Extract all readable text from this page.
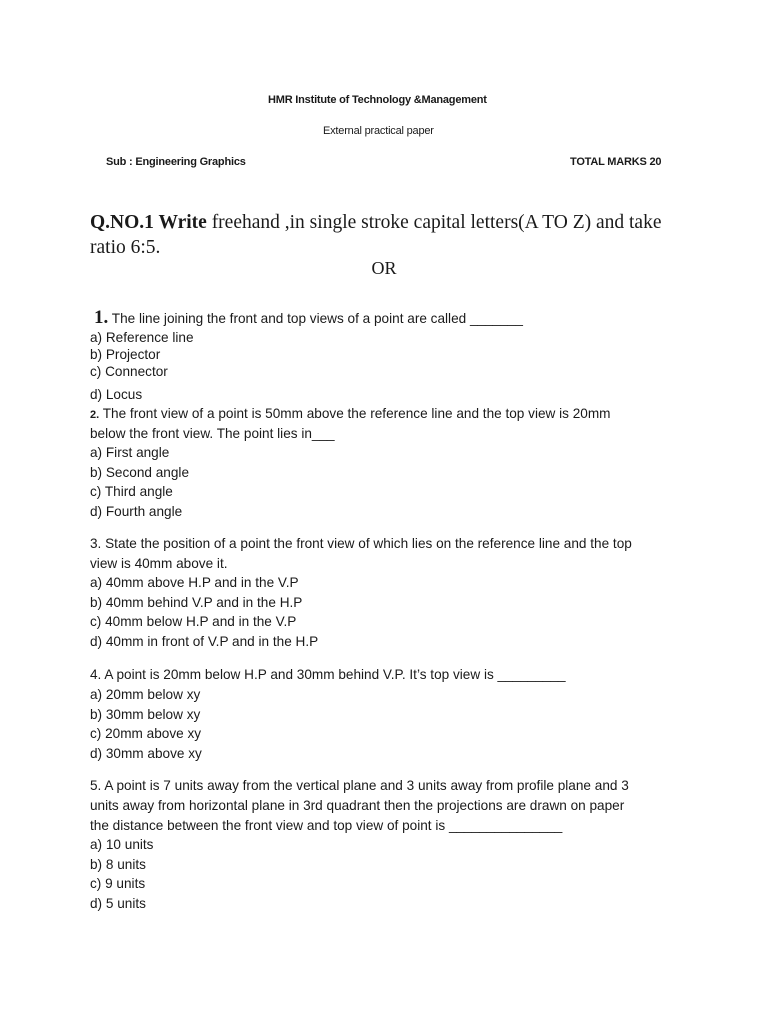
HMR Institute of Technology &Management
External practical paper
Sub : Engineering Graphics	TOTAL MARKS 20
Q.NO.1 Write freehand ,in single stroke capital letters(A TO Z) and take ratio 6:5.
OR
1. The line joining the front and top views of a point are called _______
a) Reference line
b) Projector
c) Connector
d) Locus
2. The front view of a point is 50mm above the reference line and the top view is 20mm
below the front view. The point lies in___
a) First angle
b) Second angle
c) Third angle
d) Fourth angle
3. State the position of a point the front view of which lies on the reference line and the top
view is 40mm above it.
a) 40mm above H.P and in the V.P
b) 40mm behind V.P and in the H.P
c) 40mm below H.P and in the V.P
d) 40mm in front of V.P and in the H.P
4. A point is 20mm below H.P and 30mm behind V.P. It’s top view is _________
a) 20mm below xy
b) 30mm below xy
c) 20mm above xy
d) 30mm above xy
5. A point is 7 units away from the vertical plane and 3 units away from profile plane and 3
units away from horizontal plane in 3rd quadrant then the projections are drawn on paper
the distance between the front view and top view of point is _______________
a) 10 units
b) 8 units
c) 9 units
d) 5 units
